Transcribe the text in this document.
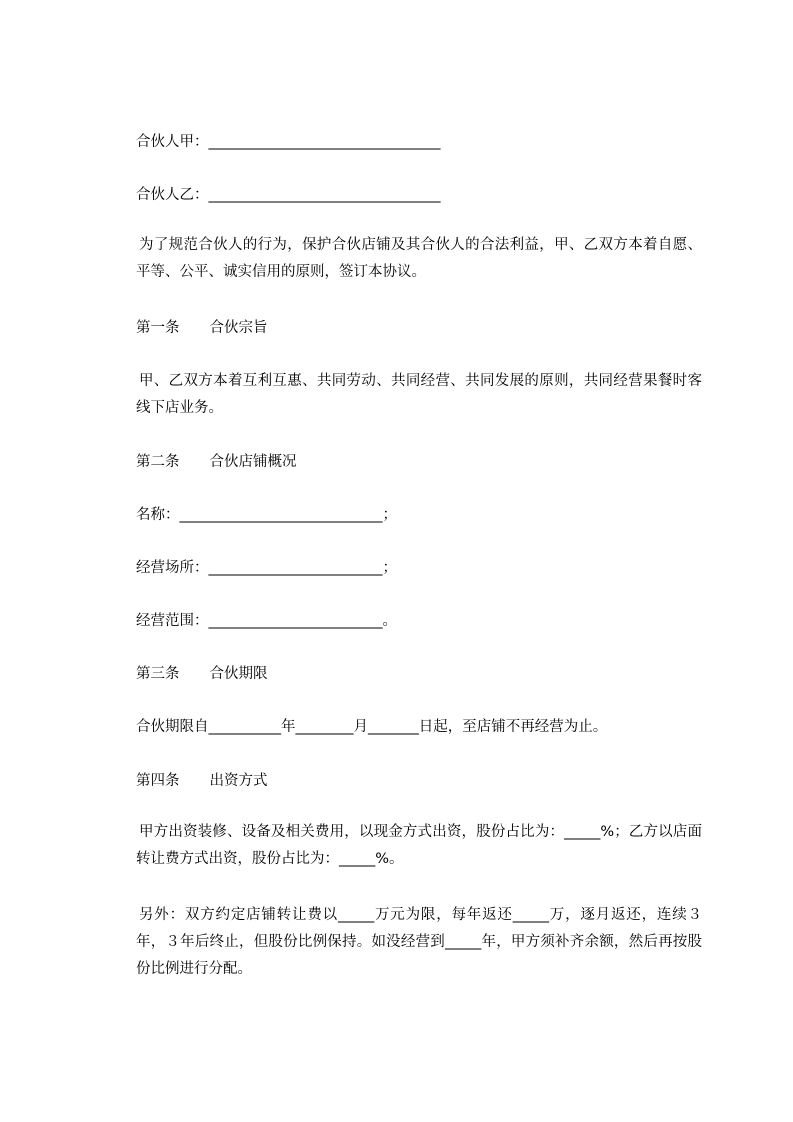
合伙人甲：________________________________
合伙人乙：________________________________
为了规范合伙人的行为，保护合伙店铺及其合伙人的合法利益，甲、乙双方本着自愿、平等、公平、诚实信用的原则，签订本协议。
第一条 合伙宗旨
甲、乙双方本着互利互惠、共同劳动、共同经营、共同发展的原则，共同经营果餐时客线下店业务。
第二条 合伙店铺概况
名称：____________________________；
经营场所：________________________；
经营范围：________________________。
第三条 合伙期限
合伙期限自__________年________月_______日起，至店铺不再经营为止。
第四条 出资方式
甲方出资装修、设备及相关费用，以现金方式出资，股份占比为：_____%；乙方以店面转让费方式出资，股份占比为：_____%。
另外：双方约定店铺转让费以_____万元为限，每年返还_____万，逐月返还，连续３年，３年后终止，但股份比例保持。如没经营到_____年，甲方须补齐余额，然后再按股份比例进行分配。
